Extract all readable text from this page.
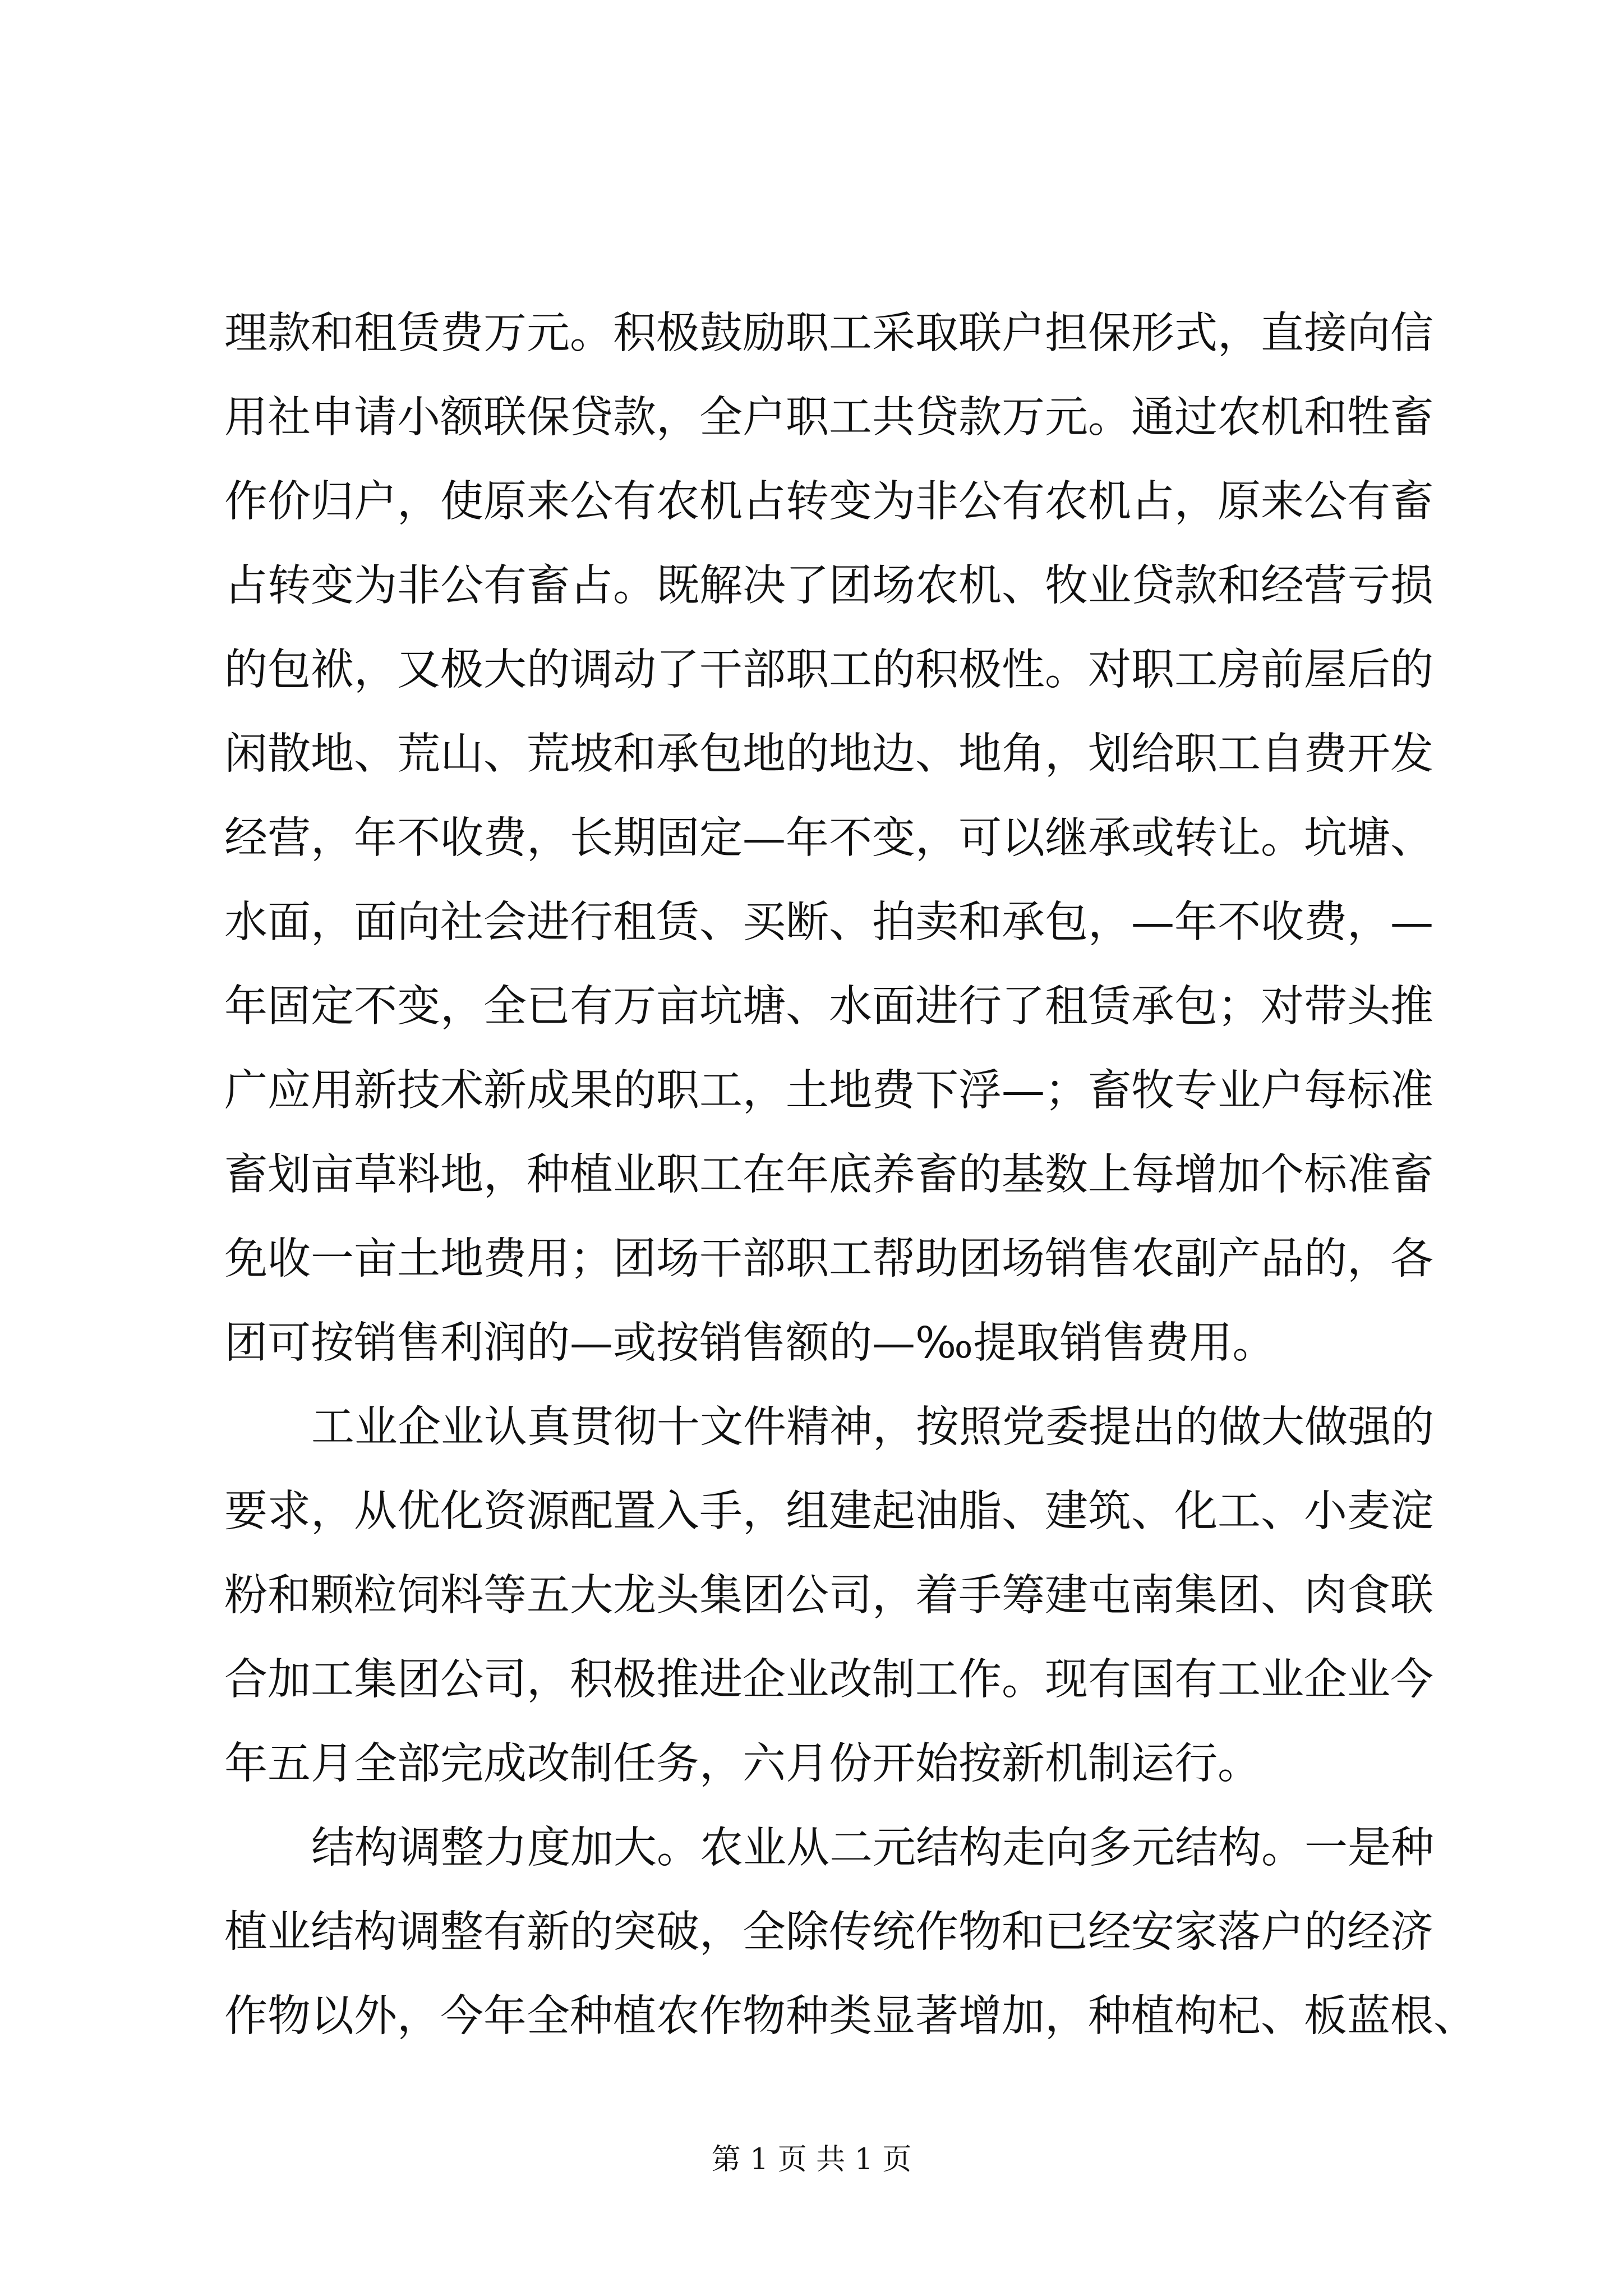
理款和租赁费万元。积极鼓励职工采取联户担保形式，直接向信
用社申请小额联保贷款，全户职工共贷款万元。通过农机和牲畜
作价归户，使原来公有农机占转变为非公有农机占，原来公有畜
占转变为非公有畜占。既解决了团场农机、牧业贷款和经营亏损
的包袱，又极大的调动了干部职工的积极性。对职工房前屋后的
闲散地、荒山、荒坡和承包地的地边、地角，划给职工自费开发
经营，年不收费，长期固定—年不变，可以继承或转让。坑塘、
水面，面向社会进行租赁、买断、拍卖和承包，—年不收费，—
年固定不变，全已有万亩坑塘、水面进行了租赁承包；对带头推
广应用新技术新成果的职工，土地费下浮—；畜牧专业户每标准
畜划亩草料地，种植业职工在年底养畜的基数上每增加个标准畜
免收一亩土地费用；团场干部职工帮助团场销售农副产品的，各
团可按销售利润的—或按销售额的—‰提取销售费用。
工业企业认真贯彻十文件精神，按照党委提出的做大做强的
要求，从优化资源配置入手，组建起油脂、建筑、化工、小麦淀
粉和颗粒饲料等五大龙头集团公司，着手筹建屯南集团、肉食联
合加工集团公司，积极推进企业改制工作。现有国有工业企业今
年五月全部完成改制任务，六月份开始按新机制运行。
结构调整力度加大。农业从二元结构走向多元结构。一是种
植业结构调整有新的突破，全除传统作物和已经安家落户的经济
作物以外，今年全种植农作物种类显著增加，种植枸杞、板蓝根、
第 1 页 共 1 页
